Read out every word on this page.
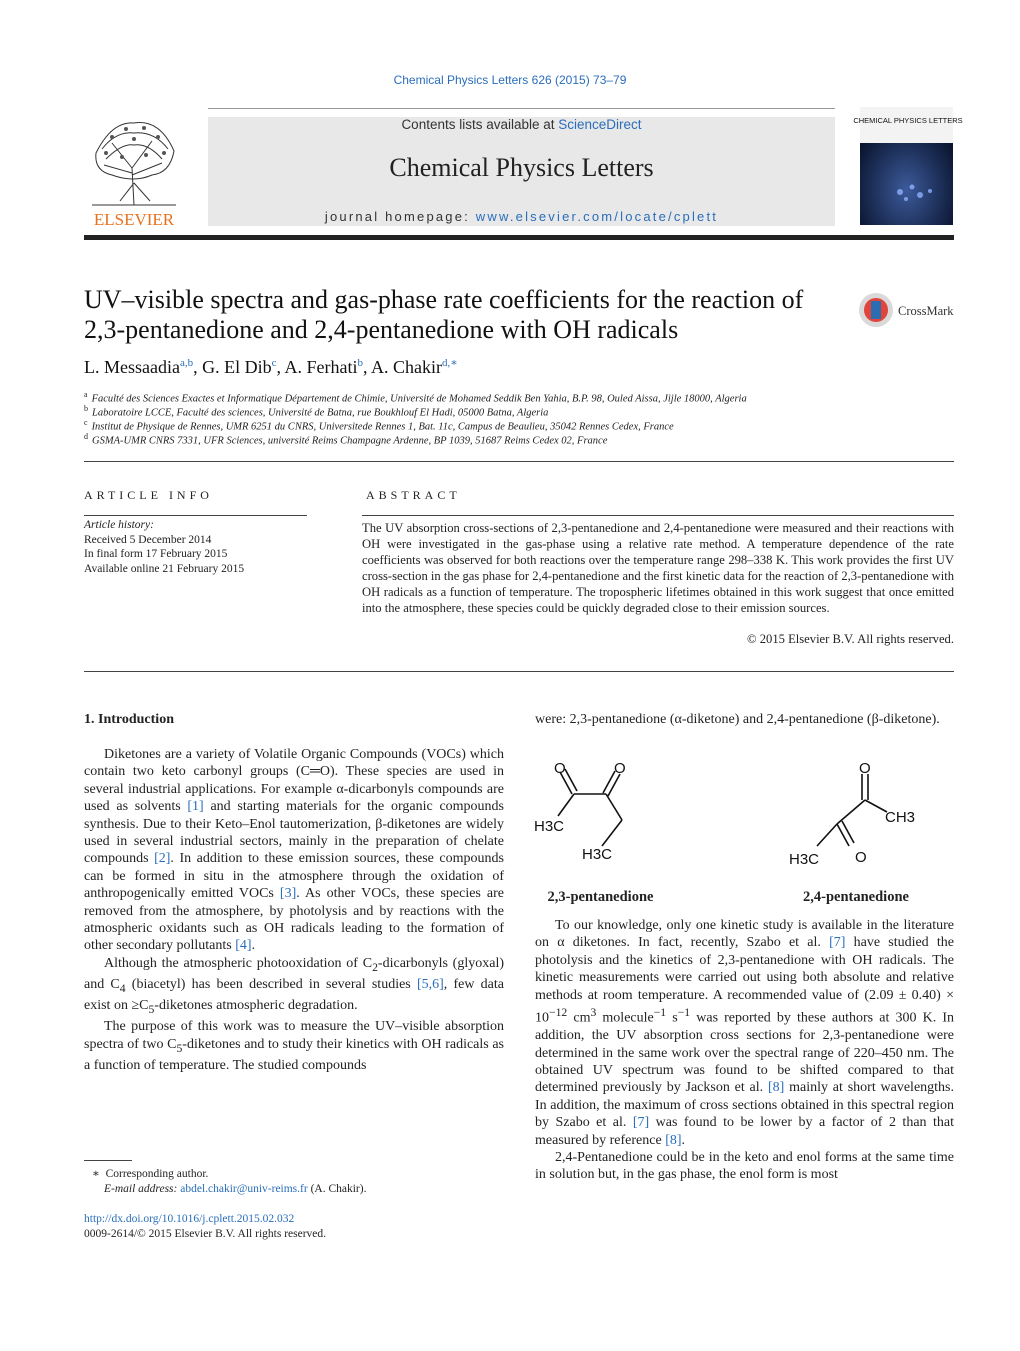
Chemical Physics Letters 626 (2015) 73–79
ELSEVIER
Contents lists available at ScienceDirect
Chemical Physics Letters
journal homepage: www.elsevier.com/locate/cplett
CHEMICAL PHYSICS LETTERS
UV–visible spectra and gas-phase rate coefficients for the reaction of 2,3-pentanedione and 2,4-pentanedione with OH radicals
CrossMark
L. Messaadia$^{a,b}$, G. El Dib$^c$, A. Ferhati$^b$, A. Chakir$^{d,∗}$
$^a$ Faculté des Sciences Exactes et Informatique Département de Chimie, Université de Mohamed Seddik Ben Yahia, B.P. 98, Ouled Aissa, Jijle 18000, Algeria
$^b$ Laboratoire LCCE, Faculté des sciences, Université de Batna, rue Boukhlouf El Hadi, 05000 Batna, Algeria
$^c$ Institut de Physique de Rennes, UMR 6251 du CNRS, Universitede Rennes 1, Bat. 11c, Campus de Beaulieu, 35042 Rennes Cedex, France
$^d$ GSMA-UMR CNRS 7331, UFR Sciences, université Reims Champagne Ardenne, BP 1039, 51687 Reims Cedex 02, France
ARTICLE INFO
Article history:
Received 5 December 2014
In final form 17 February 2015
Available online 21 February 2015
ABSTRACT
The UV absorption cross-sections of 2,3-pentanedione and 2,4-pentanedione were measured and their reactions with OH were investigated in the gas-phase using a relative rate method. A temperature dependence of the rate coefficients was observed for both reactions over the temperature range 298–338 K. This work provides the first UV cross-section in the gas phase for 2,4-pentanedione and the first kinetic data for the reaction of 2,3-pentanedione with OH radicals as a function of temperature. The tropospheric lifetimes obtained in this work suggest that once emitted into the atmosphere, these species could be quickly degraded close to their emission sources.
© 2015 Elsevier B.V. All rights reserved.
1. Introduction

Diketones are a variety of Volatile Organic Compounds (VOCs) which contain two keto carbonyl groups (C═O). These species are used in several industrial applications. For example α-dicarbonyls compounds are used as solvents [1] and starting materials for the organic compounds synthesis. Due to their Keto–Enol tautomerization, β-diketones are widely used in several industrial sectors, mainly in the preparation of chelate compounds [2]. In addition to these emission sources, these compounds can be formed in situ in the atmosphere through the oxidation of anthropogenically emitted VOCs [3]. As other VOCs, these species are removed from the atmosphere, by photolysis and by reactions with the atmospheric oxidants such as OH radicals leading to the formation of other secondary pollutants [4].

Although the atmospheric photooxidation of $C_2$-dicarbonyls (glyoxal) and $C_4$ (biacetyl) has been described in several studies [5,6], few data exist on $\ge C_5$-diketones atmospheric degradation.

The purpose of this work was to measure the UV–visible absorption spectra of two $C_5$-diketones and to study their kinetics with OH radicals as a function of temperature. The studied compounds

were: 2,3-pentanedione (α-diketone) and 2,4-pentanedione (β-diketone).

O	O
H3C
H3C
O
CH3
O
H3C
2,3-pentanedione	2,4-pentanedione

To our knowledge, only one kinetic study is available in the literature on α diketones. In fact, recently, Szabo et al. [7] have studied the photolysis and the kinetics of 2,3-pentanedione with OH radicals. The kinetic measurements were carried out using both absolute and relative methods at room temperature. A recommended value of $(2.09 \pm 0.40) \times 10^{-12}$ $cm^3$ molecule$^{-1}$ $s^{-1}$ was reported by these authors at 300 K. In addition, the UV absorption cross sections for 2,3-pentanedione were determined in the same work over the spectral range of 220–450 nm. The obtained UV spectrum was found to be shifted compared to that determined previously by Jackson et al. [8] mainly at short wavelengths. In addition, the maximum of cross sections obtained in this spectral region by Szabo et al. [7] was found to be lower by a factor of 2 than that measured by reference [8].

2,4-Pentanedione could be in the keto and enol forms at the same time in solution but, in the gas phase, the enol form is most

∗  Corresponding author.
E-mail address: abdel.chakir@univ-reims.fr (A. Chakir).
http://dx.doi.org/10.1016/j.cplett.2015.02.032
0009-2614/© 2015 Elsevier B.V. All rights reserved.
